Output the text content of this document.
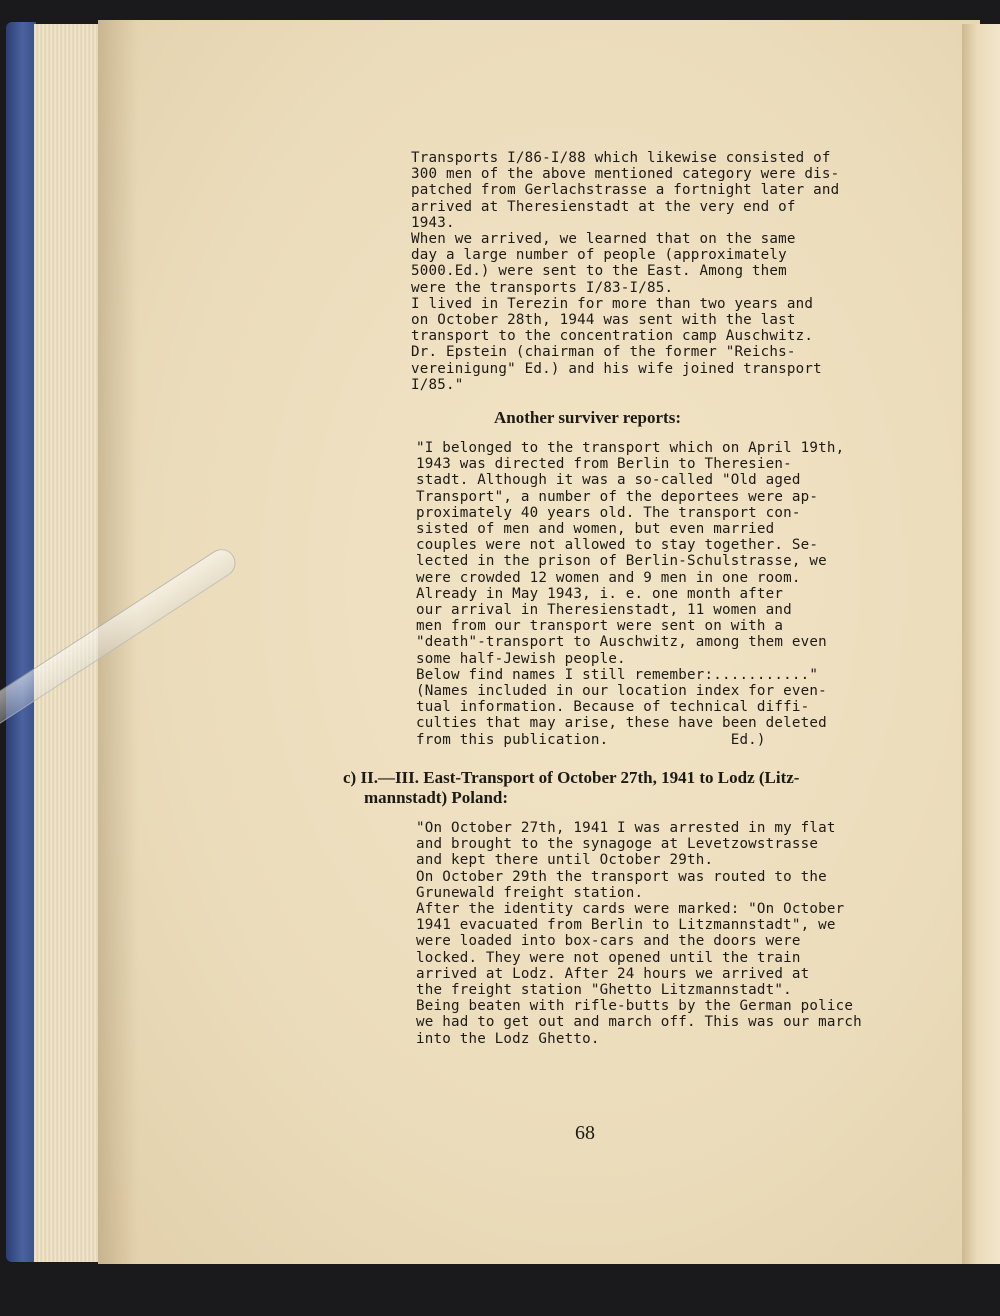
Transports I/86-I/88 which likewise consisted of
300 men of the above mentioned category were dis-
patched from Gerlachstrasse a fortnight later and
arrived at Theresienstadt at the very end of
1943.
When we arrived, we learned that on the same
day a large number of people (approximately
5000.Ed.) were sent to the East. Among them
were the transports I/83-I/85.
I lived in Terezin for more than two years and
on October 28th, 1944 was sent with the last
transport to the concentration camp Auschwitz.
Dr. Epstein (chairman of the former "Reichs-
vereinigung" Ed.) and his wife joined transport
I/85."
Another surviver reports:
"I belonged to the transport which on April 19th,
1943 was directed from Berlin to Theresien-
stadt. Although it was a so-called "Old aged
Transport", a number of the deportees were ap-
proximately 40 years old. The transport con-
sisted of men and women, but even married
couples were not allowed to stay together. Se-
lected in the prison of Berlin-Schulstrasse, we
were crowded 12 women and 9 men in one room.
Already in May 1943, i. e. one month after
our arrival in Theresienstadt, 11 women and
men from our transport were sent on with a
"death"-transport to Auschwitz, among them even
some half-Jewish people.
Below find names I still remember:..........."
(Names included in our location index for even-
tual information. Because of technical diffi-
culties that may arise, these have been deleted
from this publication.              Ed.)
c) II.—III. East-Transport of October 27th, 1941 to Lodz (Litz-
mannstadt) Poland:
"On October 27th, 1941 I was arrested in my flat
and brought to the synagoge at Levetzowstrasse
and kept there until October 29th.
On October 29th the transport was routed to the
Grunewald freight station.
After the identity cards were marked: "On October
1941 evacuated from Berlin to Litzmannstadt", we
were loaded into box-cars and the doors were
locked. They were not opened until the train
arrived at Lodz. After 24 hours we arrived at
the freight station "Ghetto Litzmannstadt".
Being beaten with rifle-butts by the German police
we had to get out and march off. This was our march
into the Lodz Ghetto.
68
